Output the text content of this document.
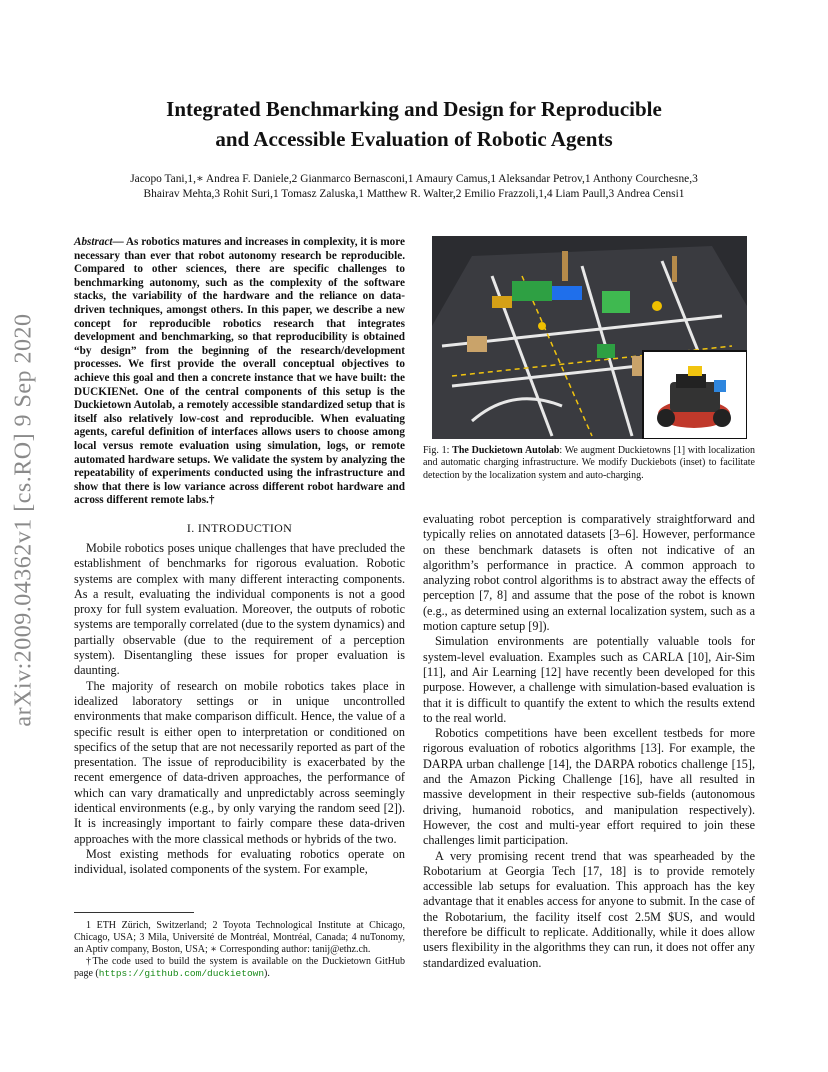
Integrated Benchmarking and Design for Reproducible
and Accessible Evaluation of Robotic Agents
Jacopo Tani,1,∗ Andrea F. Daniele,2 Gianmarco Bernasconi,1 Amaury Camus,1 Aleksandar Petrov,1 Anthony Courchesne,3
Bhairav Mehta,3 Rohit Suri,1 Tomasz Zaluska,1 Matthew R. Walter,2 Emilio Frazzoli,1,4 Liam Paull,3 Andrea Censi1
arXiv:2009.04362v1 [cs.RO] 9 Sep 2020
Abstract— As robotics matures and increases in complexity, it is more necessary than ever that robot autonomy research be reproducible. Compared to other sciences, there are specific challenges to benchmarking autonomy, such as the complexity of the software stacks, the variability of the hardware and the reliance on data-driven techniques, amongst others. In this paper, we describe a new concept for reproducible robotics research that integrates development and benchmarking, so that reproducibility is obtained “by design” from the beginning of the research/development processes. We first provide the overall conceptual objectives to achieve this goal and then a concrete instance that we have built: the DUCKIENet. One of the central components of this setup is the Duckietown Autolab, a remotely accessible standardized setup that is itself also relatively low-cost and reproducible. When evaluating agents, careful definition of interfaces allows users to choose among local versus remote evaluation using simulation, logs, or remote automated hardware setups. We validate the system by analyzing the repeatability of experiments conducted using the infrastructure and show that there is low variance across different robot hardware and across different remote labs.†
I. INTRODUCTION

Mobile robotics poses unique challenges that have precluded the establishment of benchmarks for rigorous evaluation. Robotic systems are complex with many different interacting components. As a result, evaluating the individual components is not a good proxy for full system evaluation. Moreover, the outputs of robotic systems are temporally correlated (due to the system dynamics) and partially observable (due to the requirement of a perception system). Disentangling these issues for proper evaluation is daunting.

The majority of research on mobile robotics takes place in idealized laboratory settings or in unique uncontrolled environments that make comparison difficult. Hence, the value of a specific result is either open to interpretation or conditioned on specifics of the setup that are not necessarily reported as part of the presentation. The issue of reproducibility is exacerbated by the recent emergence of data-driven approaches, the performance of which can vary dramatically and unpredictably across seemingly identical environments (e.g., by only varying the random seed [2]). It is increasingly important to fairly compare these data-driven approaches with the more classical methods or hybrids of the two.

Most existing methods for evaluating robotics operate on individual, isolated components of the system. For example,

1 ETH Zürich, Switzerland; 2 Toyota Technological Institute at Chicago, Chicago, USA; 3 Mila, Université de Montréal, Montréal, Canada; 4 nuTonomy, an Aptiv company, Boston, USA; ∗ Corresponding author: tanij@ethz.ch.
†The code used to build the system is available on the Duckietown GitHub page (https://github.com/duckietown).
Fig. 1: The Duckietown Autolab: We augment Duckietowns [1] with localization and automatic charging infrastructure. We modify Duckiebots (inset) to facilitate detection by the localization system and auto-charging.

evaluating robot perception is comparatively straightforward and typically relies on annotated datasets [3–6]. However, performance on these benchmark datasets is often not indicative of an algorithm’s performance in practice. A common approach to analyzing robot control algorithms is to abstract away the effects of perception [7, 8] and assume that the pose of the robot is known (e.g., as determined using an external localization system, such as a motion capture setup [9]).

Simulation environments are potentially valuable tools for system-level evaluation. Examples such as CARLA [10], Air-Sim [11], and Air Learning [12] have recently been developed for this purpose. However, a challenge with simulation-based evaluation is that it is difficult to quantify the extent to which the results extend to the real world.

Robotics competitions have been excellent testbeds for more rigorous evaluation of robotics algorithms [13]. For example, the DARPA urban challenge [14], the DARPA robotics challenge [15], and the Amazon Picking Challenge [16], have all resulted in massive development in their respective sub-fields (autonomous driving, humanoid robotics, and manipulation respectively). However, the cost and multi-year effort required to join these challenges limit participation.

A very promising recent trend that was spearheaded by the Robotarium at Georgia Tech [17, 18] is to provide remotely accessible lab setups for evaluation. This approach has the key advantage that it enables access for anyone to submit. In the case of the Robotarium, the facility itself cost 2.5M $US, and would therefore be difficult to replicate. Additionally, while it does allow users flexibility in the algorithms they can run, it does not offer any standardized evaluation.
